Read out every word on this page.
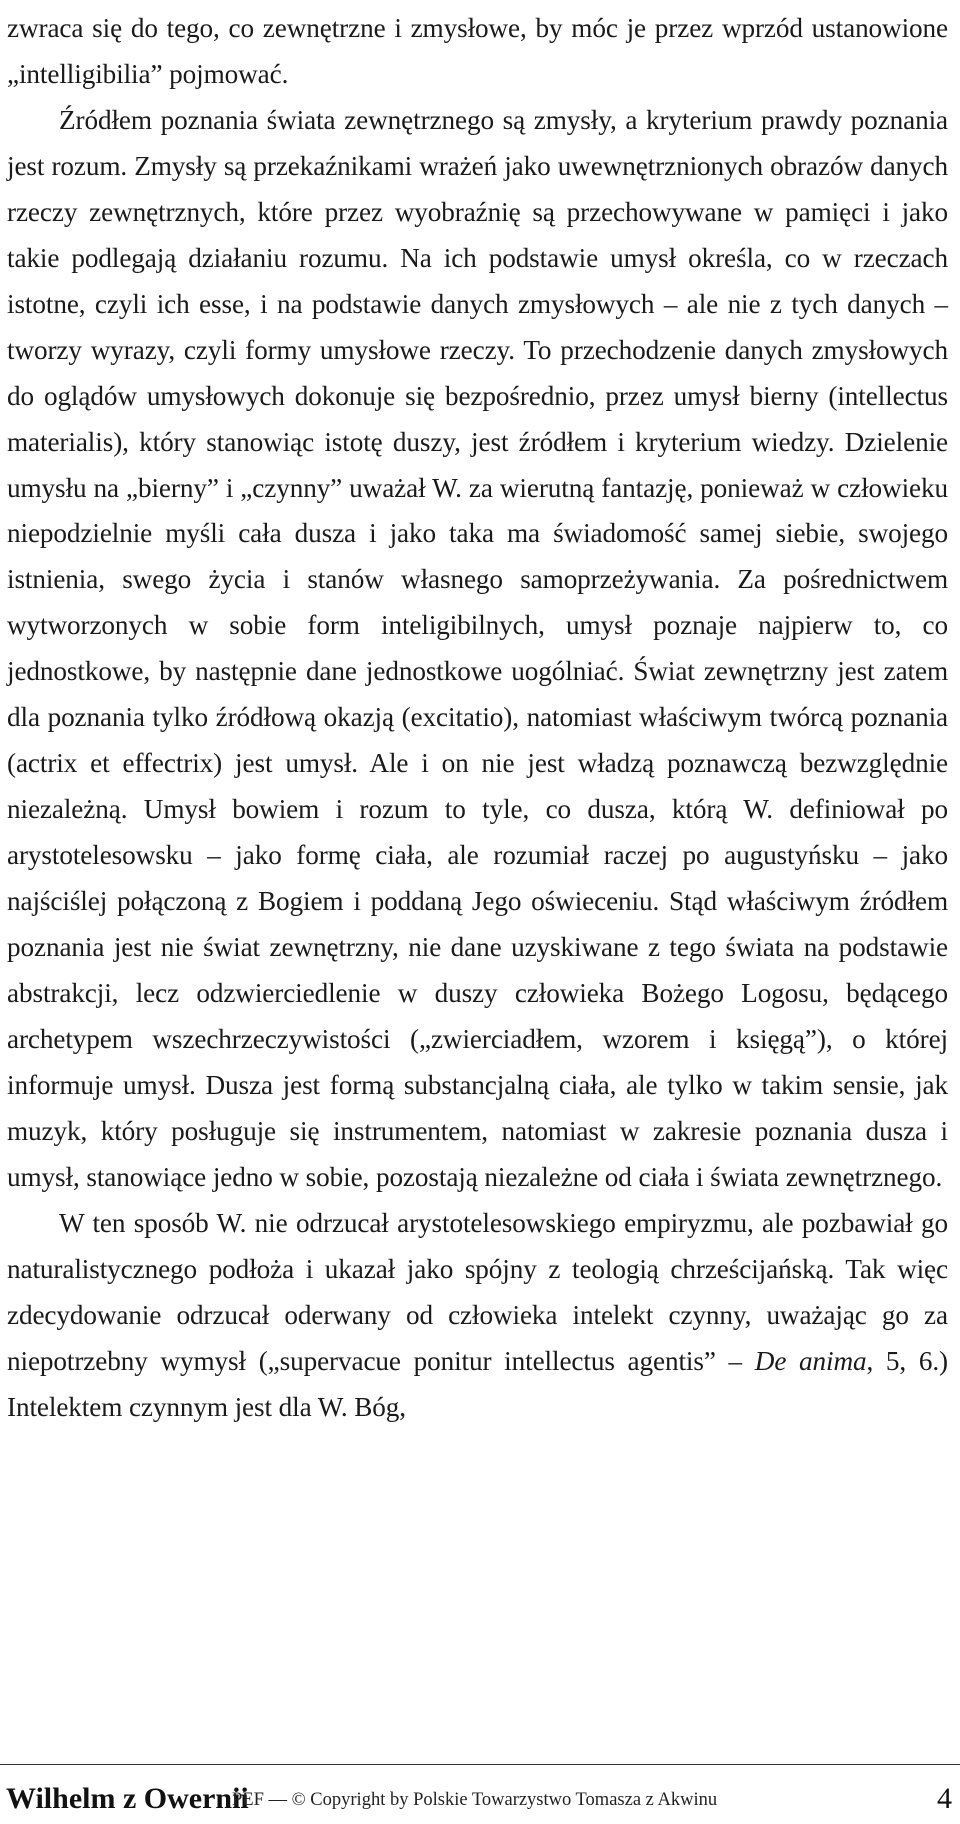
zwraca się do tego, co zewnętrzne i zmysłowe, by móc je przez wprzód ustanowione „intelligibilia” pojmować.

Źródłem poznania świata zewnętrznego są zmysły, a kryterium prawdy poznania jest rozum. Zmysły są przekaźnikami wrażeń jako uwewnętrznionych obrazów danych rzeczy zewnętrznych, które przez wyobraźnię są przechowywane w pamięci i jako takie podlegają działaniu rozumu. Na ich podstawie umysł określa, co w rzeczach istotne, czyli ich esse, i na podstawie danych zmysłowych – ale nie z tych danych – tworzy wyrazy, czyli formy umysłowe rzeczy. To przechodzenie danych zmysłowych do oglądów umysłowych dokonuje się bezpośrednio, przez umysł bierny (intellectus materialis), który stanowiąc istotę duszy, jest źródłem i kryterium wiedzy. Dzielenie umysłu na „bierny” i „czynny” uważał W. za wierutną fantazję, ponieważ w człowieku niepodzielnie myśli cała dusza i jako taka ma świadomość samej siebie, swojego istnienia, swego życia i stanów własnego samoprzeżywania. Za pośrednictwem wytworzonych w sobie form inteligibilnych, umysł poznaje najpierw to, co jednostkowe, by następnie dane jednostkowe uogólniać. Świat zewnętrzny jest zatem dla poznania tylko źródłową okazją (excitatio), natomiast właściwym twórcą poznania (actrix et effectrix) jest umysł. Ale i on nie jest władzą poznawczą bezwzględnie niezależną. Umysł bowiem i rozum to tyle, co dusza, którą W. definiował po arystotelesowsku – jako formę ciała, ale rozumiał raczej po augustyńsku – jako najściślej połączoną z Bogiem i poddaną Jego oświeceniu. Stąd właściwym źródłem poznania jest nie świat zewnętrzny, nie dane uzyskiwane z tego świata na podstawie abstrakcji, lecz odzwierciedlenie w duszy człowieka Bożego Logosu, będącego archetypem wszechrzeczywistości („zwierciadłem, wzorem i księgą”), o której informuje umysł. Dusza jest formą substancjalną ciała, ale tylko w takim sensie, jak muzyk, który posługuje się instrumentem, natomiast w zakresie poznania dusza i umysł, stanowiące jedno w sobie, pozostają niezależne od ciała i świata zewnętrznego.

W ten sposób W. nie odrzucał arystotelesowskiego empiryzmu, ale pozbawiał go naturalistycznego podłoża i ukazał jako spójny z teologią chrześcijańską. Tak więc zdecydowanie odrzucał oderwany od człowieka intelekt czynny, uważając go za niepotrzebny wymysł („supervacue ponitur intellectus agentis” – De anima, 5, 6.) Intelektem czynnym jest dla W. Bóg,

Wilhelm z Owernii
PEF — © Copyright by Polskie Towarzystwo Tomasza z Akwinu	4
